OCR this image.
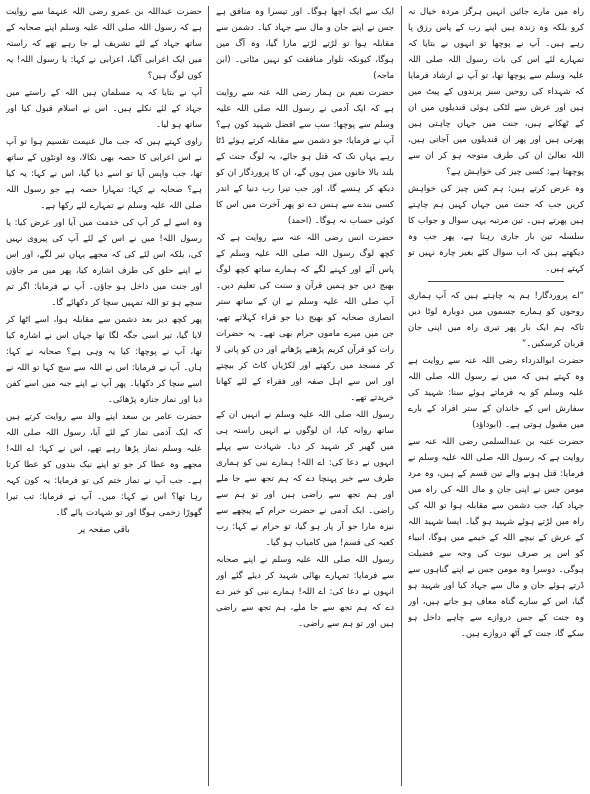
راہ میں مارے جائیں انہیں ہرگز مردہ خیال نہ کرو بلکہ وہ زندہ ہیں اپنے رب کے پاس رزق پا رہے ہیں۔ آپ نے پوچھا تو انہوں نے بتایا کہ تمہارے لئے اس کی بات رسول اللہ صلی اللہ علیہ وسلم سے پوچھا تھا، تو آپ نے ارشاد فرمایا کہ شہداء کی روحیں سبز پرندوں کے پیٹ میں ہیں اور عرش سے لٹکی ہوئی قندیلوں میں ان کے ٹھکانے ہیں، جنت میں جہاں چاہتی ہیں پھرتی ہیں اور پھر ان قندیلوں میں آجاتی ہیں، اللہ تعالیٰ ان کی طرف متوجہ ہو کر ان سے پوچھتا ہے: کسی چیز کی خواہش ہے؟

وہ عرض کرتے ہیں: ہم کس چیز کی خواہش کریں جب کہ جنت میں جہاں کہیں ہم چاہتے ہیں پھرتے ہیں۔ تین مرتبہ یہی سوال و جواب کا سلسلہ تین بار جاری رہتا ہے، پھر جب وہ دیکھتے ہیں کہ اب سوال کئے بغیر چارہ نہیں تو کہتے ہیں۔

“اے پروردگار! ہم یہ چاہتے ہیں کہ آپ ہماری روحوں کو ہمارے جسموں میں دوبارہ لوٹا دیں تاکہ ہم ایک بار پھر تیری راہ میں اپنی جان قربان کرسکیں۔”

حضرت ابوالدرداء رضی اللہ عنہ سے روایت ہے وہ کہتے ہیں کہ میں نے رسول اللہ صلی اللہ علیہ وسلم کو یہ فرماتے ہوئے سنا: شہید کی سفارش اس کے خاندان کے ستر افراد کے بارے میں مقبول ہوتی ہے۔ (ابوداؤد)

حضرت عتبہ بن عبدالسلمی رضی اللہ عنہ سے روایت ہے کہ رسول اللہ صلی اللہ علیہ وسلم نے فرمایا: قتل ہونے والے تین قسم کے ہیں، وہ مرد مومن جس نے اپنی جان و مال اللہ کی راہ میں جہاد کیا، جب دشمن سے مقابلہ ہوا تو اللہ کی راہ میں لڑتے ہوئے شہید ہو گیا۔ ایسا شہید اللہ کے عرش کے نیچے اللہ کے خیمے میں ہوگا، انبیاء کو اس پر صرف نبوت کی وجہ سے فضیلت ہوگی۔ دوسرا وہ مومن جس نے اپنے گناہوں سے ڈرتے ہوئے جان و مال سے جہاد کیا اور شہید ہو گیا، اس کے سارے گناہ معاف ہو جاتے ہیں، اور وہ جنت کے جس دروازے سے چاہے داخل ہو سکے گا، جنت کے آٹھ دروازے ہیں۔

ایک سے ایک اچھا ہوگا۔ اور تیسرا وہ منافق ہے جس نے اپنے جان و مال سے جہاد کیا۔ دشمن سے مقابلہ ہوا تو لڑتے لڑتے مارا گیا، وہ آگ میں ہوگا، کیونکہ تلوار منافقت کو نہیں مٹاتی۔ (ابن ماجہ)

حضرت نعیم بن ہمار رضی اللہ عنہ سے روایت ہے کہ ایک آدمی نے رسول اللہ صلی اللہ علیہ وسلم سے پوچھا: سب سے افضل شہید کون ہے؟ آپ نے فرمایا: جو دشمن سے مقابلہ کرتے ہوئے ڈٹا رہے یہاں تک کہ قتل ہو جائے، یہ لوگ جنت کے بلند بالا خانوں میں ہوں گے، ان کا پروردگار ان کو دیکھ کر ہنسے گا، اور جب تیرا رب دنیا کے اندر کسی بندے سے ہنس دے تو پھر آخرت میں اس کا کوئی حساب نہ ہوگا۔ (احمد)

حضرت انس رضی اللہ عنہ سے روایت ہے کہ کچھ لوگ رسول اللہ صلی اللہ علیہ وسلم کے پاس آئے اور کہنے لگے کہ ہمارے ساتھ کچھ لوگ بھیج دیں جو ہمیں قرآن و سنت کی تعلیم دیں۔ آپ صلی اللہ علیہ وسلم نے ان کے ساتھ ستر انصاری صحابہ کو بھیج دیا جو قراء کہلاتے تھے، جن میں میرے ماموں حرام بھی تھے۔ یہ حضرات رات کو قرآن کریم پڑھتے پڑھاتے اور دن کو پانی لا کر مسجد میں رکھتے اور لکڑیاں کاٹ کر بیچتے اور اس سے اہل صفہ اور فقراء کے لئے کھانا خریدتے تھے۔

رسول اللہ صلی اللہ علیہ وسلم نے انہیں ان کے ساتھ روانہ کیا، ان لوگوں نے انہیں راستہ ہی میں گھیر کر شہید کر دیا۔ شہادت سے پہلے انہوں نے دعا کی: اے اللہ! ہمارے نبی کو ہماری طرف سے خبر پہنچا دے کہ ہم تجھ سے جا ملے اور ہم تجھ سے راضی ہیں اور تو ہم سے راضی۔ ایک آدمی نے حضرت حرام کے پیچھے سے نیزہ مارا جو آر پار ہو گیا، تو حرام نے کہا: رب کعبہ کی قسم! میں کامیاب ہو گیا۔

رسول اللہ صلی اللہ علیہ وسلم نے اپنے صحابہ سے فرمایا: تمہارے بھائی شہید کر دیئے گئے اور انہوں نے دعا کی: اے اللہ! ہمارے نبی کو خبر دے دے کہ ہم تجھ سے جا ملے، ہم تجھ سے راضی ہیں اور تو ہم سے راضی۔

حضرت عبداللہ بن عمرو رضی اللہ عنہما سے روایت ہے کہ رسول اللہ صلی اللہ علیہ وسلم اپنے صحابہ کے ساتھ جہاد کے لئے تشریف لے جا رہے تھے کہ راستہ میں ایک اعرابی آگیا، اعرابی نے کہا: یا رسول اللہ! یہ کون لوگ ہیں؟

آپ نے بتایا کہ یہ مسلمان ہیں اللہ کے راستے میں جہاد کے لئے نکلے ہیں۔ اس نے اسلام قبول کیا اور ساتھ ہو لیا۔

راوی کہتے ہیں کہ جب مال غنیمت تقسیم ہوا تو آپ نے اس اعرابی کا حصہ بھی نکالا، وہ اونٹوں کے ساتھ تھا، جب واپس آیا تو اسے دیا گیا، اس نے کہا: یہ کیا ہے؟ صحابہ نے کہا: تمہارا حصہ ہے جو رسول اللہ صلی اللہ علیہ وسلم نے تمہارے لئے رکھا ہے۔

وہ اسے لے کر آپ کی خدمت میں آیا اور عرض کیا: یا رسول اللہ! میں نے اس کے لئے آپ کی پیروی نہیں کی، بلکہ اس لئے کی کہ مجھے یہاں تیر لگے، اور اس نے اپنے حلق کی طرف اشارہ کیا، پھر میں مر جاؤں اور جنت میں داخل ہو جاؤں۔ آپ نے فرمایا: اگر تم سچے ہو تو اللہ تمہیں سچا کر دکھائے گا۔

پھر کچھ دیر بعد دشمن سے مقابلہ ہوا، اسے اٹھا کر لایا گیا، تیر اسی جگہ لگا تھا جہاں اس نے اشارہ کیا تھا، آپ نے پوچھا: کیا یہ وہی ہے؟ صحابہ نے کہا: ہاں۔ آپ نے فرمایا: اس نے اللہ سے سچ کہا تو اللہ نے اسے سچا کر دکھایا۔ پھر آپ نے اپنے جبہ میں اسے کفن دیا اور نماز جنازہ پڑھائی۔

حضرت عامر بن سعد اپنے والد سے روایت کرتے ہیں کہ ایک آدمی نماز کے لئے آیا، رسول اللہ صلی اللہ علیہ وسلم نماز پڑھا رہے تھے، اس نے کہا: اے اللہ! مجھے وہ عطا کر جو تو اپنے نیک بندوں کو عطا کرتا ہے۔ جب آپ نے نماز ختم کی تو فرمایا: یہ کون کہہ رہا تھا؟ اس نے کہا: میں۔ آپ نے فرمایا: تب تیرا گھوڑا زخمی ہوگا اور تو شہادت پائے گا۔

باقی صفحہ پر
